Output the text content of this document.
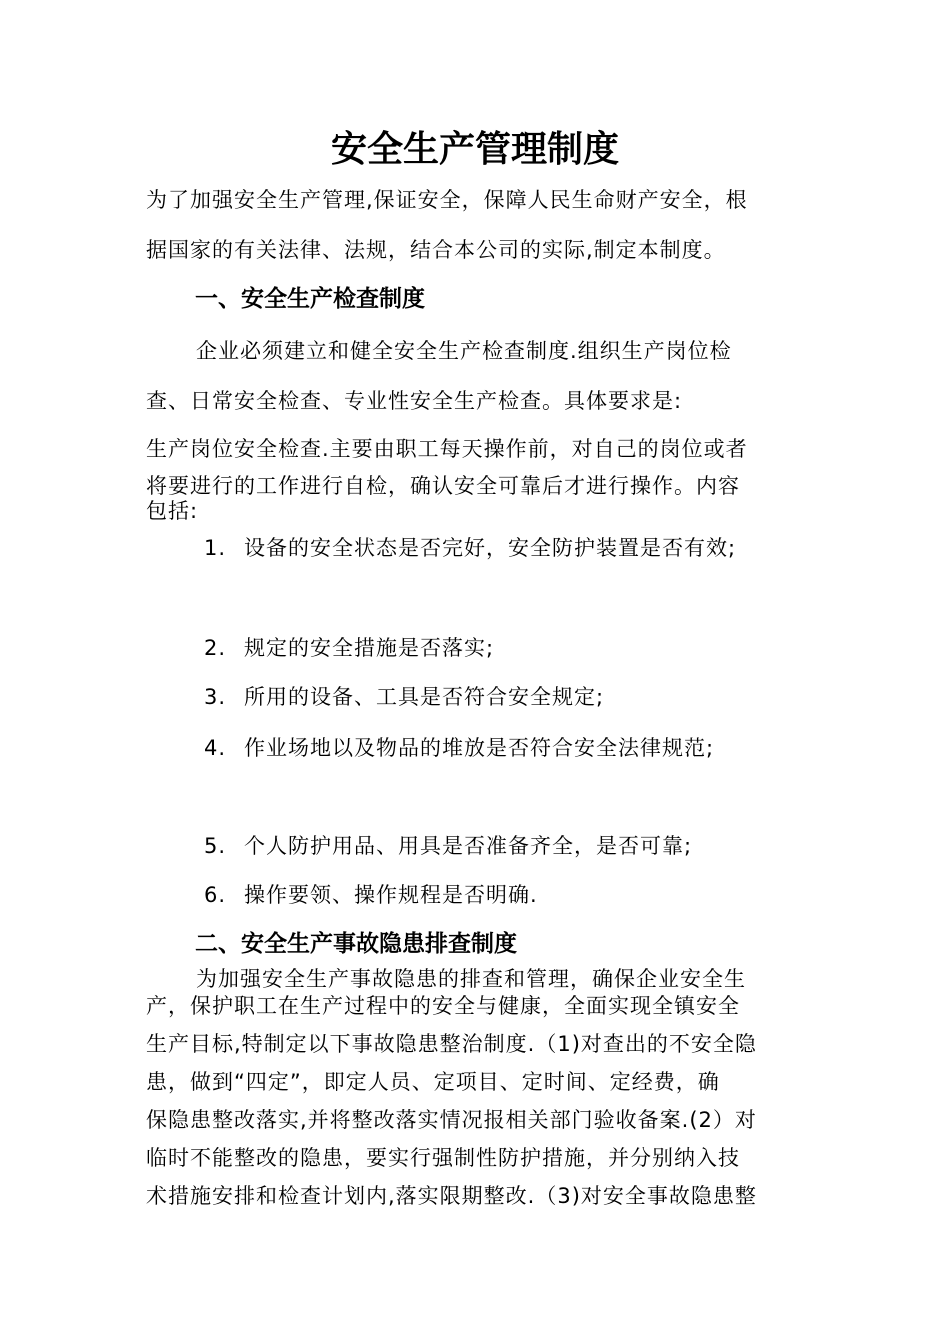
安全生产管理制度
为了加强安全生产管理,保证安全，保障人民生命财产安全，根
据国家的有关法律、法规，结合本公司的实际,制定本制度。
一、安全生产检查制度
企业必须建立和健全安全生产检查制度.组织生产岗位检
查、日常安全检查、专业性安全生产检查。具体要求是:
生产岗位安全检查.主要由职工每天操作前，对自己的岗位或者
将要进行的工作进行自检，确认安全可靠后才进行操作。内容
包括:
1. 设备的安全状态是否完好，安全防护装置是否有效;
2. 规定的安全措施是否落实;
3. 所用的设备、工具是否符合安全规定;
4. 作业场地以及物品的堆放是否符合安全法律规范;
5. 个人防护用品、用具是否准备齐全，是否可靠;
6. 操作要领、操作规程是否明确.
二、安全生产事故隐患排查制度
为加强安全生产事故隐患的排查和管理，确保企业安全生
产，保护职工在生产过程中的安全与健康，全面实现全镇安全
生产目标,特制定以下事故隐患整治制度.（1)对查出的不安全隐
患，做到“四定”，即定人员、定项目、定时间、定经费，确
保隐患整改落实,并将整改落实情况报相关部门验收备案.(2）对
临时不能整改的隐患，要实行强制性防护措施，并分别纳入技
术措施安排和检查计划内,落实限期整改.（3)对安全事故隐患整
